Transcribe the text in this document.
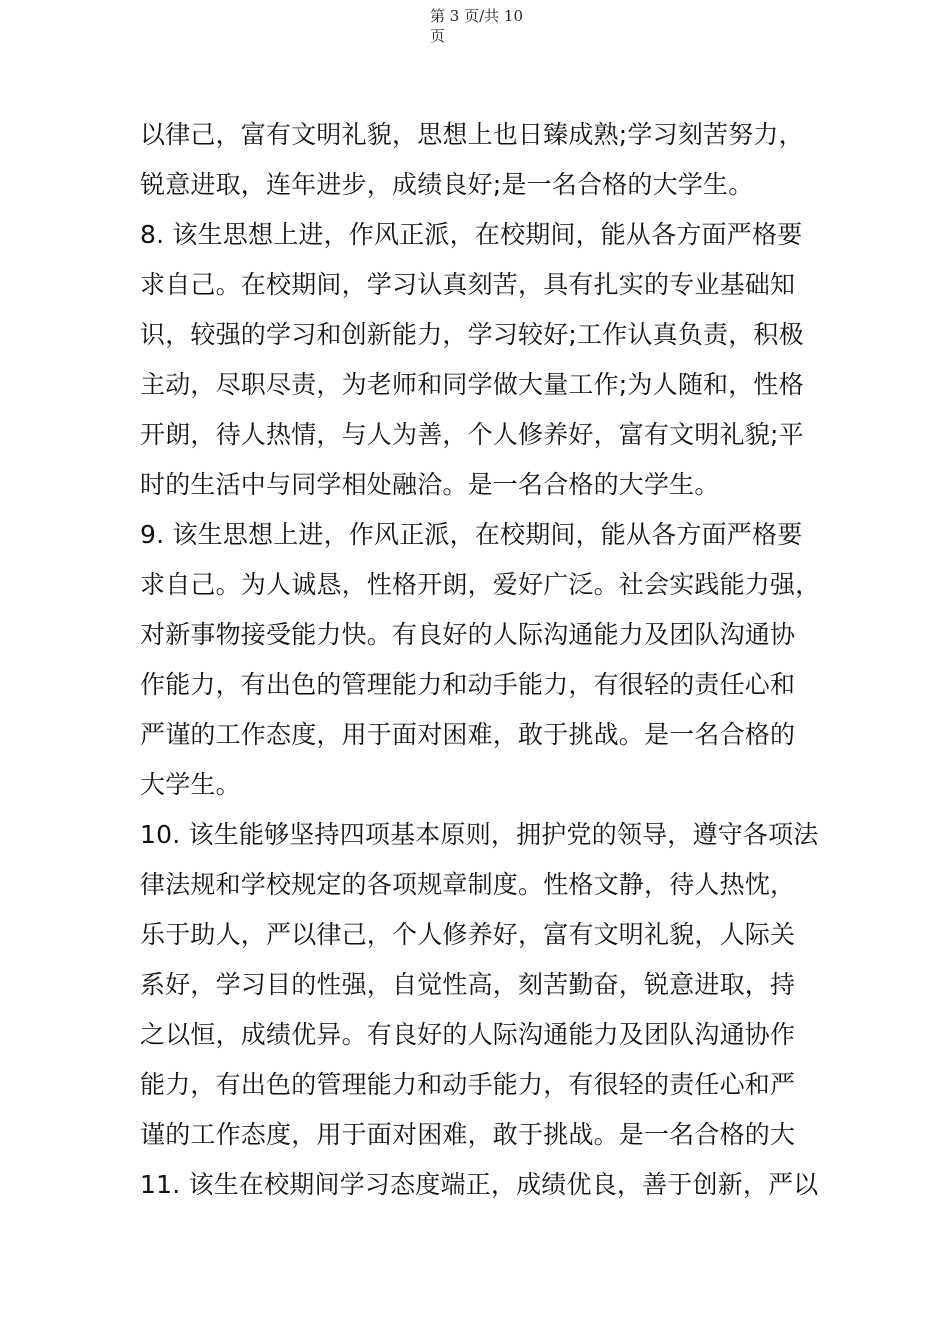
第 3 页/共 10
页
以律己，富有文明礼貌，思想上也日臻成熟;学习刻苦努力，
锐意进取，连年进步，成绩良好;是一名合格的大学生。
8. 该生思想上进，作风正派，在校期间，能从各方面严格要
求自己。在校期间，学习认真刻苦，具有扎实的专业基础知
识，较强的学习和创新能力，学习较好;工作认真负责，积极
主动，尽职尽责，为老师和同学做大量工作;为人随和，性格
开朗，待人热情，与人为善，个人修养好，富有文明礼貌;平
时的生活中与同学相处融洽。是一名合格的大学生。
9. 该生思想上进，作风正派，在校期间，能从各方面严格要
求自己。为人诚恳，性格开朗，爱好广泛。社会实践能力强，
对新事物接受能力快。有良好的人际沟通能力及团队沟通协
作能力，有出色的管理能力和动手能力，有很轻的责任心和
严谨的工作态度，用于面对困难，敢于挑战。是一名合格的
大学生。
10. 该生能够坚持四项基本原则，拥护党的领导，遵守各项法
律法规和学校规定的各项规章制度。性格文静，待人热忱，
乐于助人，严以律己，个人修养好，富有文明礼貌，人际关
系好，学习目的性强，自觉性高，刻苦勤奋，锐意进取，持
之以恒，成绩优异。有良好的人际沟通能力及团队沟通协作
能力，有出色的管理能力和动手能力，有很轻的责任心和严
谨的工作态度，用于面对困难，敢于挑战。是一名合格的大
11. 该生在校期间学习态度端正，成绩优良，善于创新，严以
